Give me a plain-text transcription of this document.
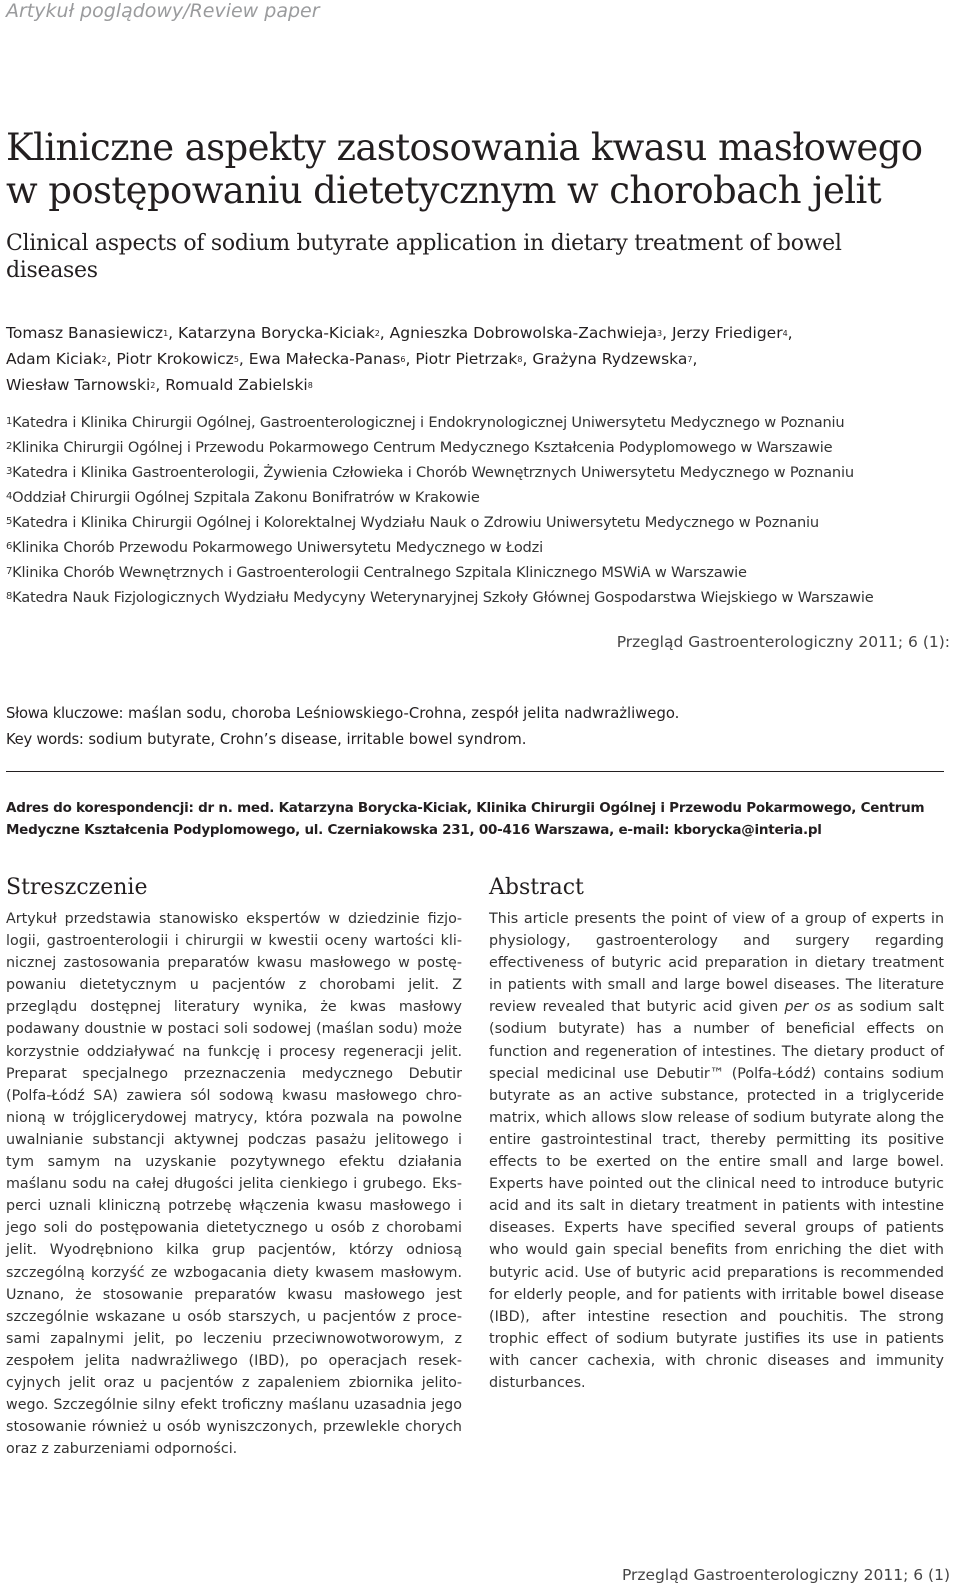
Artykuł poglądowy/Review paper
Kliniczne aspekty zastosowania kwasu masłowego w postępowaniu dietetycznym w chorobach jelit
Clinical aspects of sodium butyrate application in dietary treatment of bowel diseases
Tomasz Banasiewicz$^1$, Katarzyna Borycka-Kiciak$^2$, Agnieszka Dobrowolska-Zachwieja$^3$, Jerzy Friediger$^4$,
Adam Kiciak$^2$, Piotr Krokowicz$^5$, Ewa Małecka-Panas$^6$, Piotr Pietrzak$^8$, Grażyna Rydzewska$^7$,
Wiesław Tarnowski$^2$, Romuald Zabielski$^8$
$^1$Katedra i Klinika Chirurgii Ogólnej, Gastroenterologicznej i Endokrynologicznej Uniwersytetu Medycznego w Poznaniu
$^2$Klinika Chirurgii Ogólnej i Przewodu Pokarmowego Centrum Medycznego Kształcenia Podyplomowego w Warszawie
$^3$Katedra i Klinika Gastroenterologii, Żywienia Człowieka i Chorób Wewnętrznych Uniwersytetu Medycznego w Poznaniu
$^4$Oddział Chirurgii Ogólnej Szpitala Zakonu Bonifratrów w Krakowie
$^5$Katedra i Klinika Chirurgii Ogólnej i Kolorektalnej Wydziału Nauk o Zdrowiu Uniwersytetu Medycznego w Poznaniu
$^6$Klinika Chorób Przewodu Pokarmowego Uniwersytetu Medycznego w Łodzi
$^7$Klinika Chorób Wewnętrznych i Gastroenterologii Centralnego Szpitala Klinicznego MSWiA w Warszawie
$^8$Katedra Nauk Fizjologicznych Wydziału Medycyny Weterynaryjnej Szkoły Głównej Gospodarstwa Wiejskiego w Warszawie
Przegląd Gastroenterologiczny 2011; 6 (1):
Słowa kluczowe: maślan sodu, choroba Leśniowskiego-Crohna, zespół jelita nadwrażliwego.
Key words: sodium butyrate, Crohn’s disease, irritable bowel syndrom.
Adres do korespondencji: dr n. med. Katarzyna Borycka-Kiciak, Klinika Chirurgii Ogólnej i Przewodu Pokarmowego, Centrum Medyczne Kształcenia Podyplomowego, ul. Czerniakowska 231, 00-416 Warszawa, e-mail: kborycka@interia.pl
Streszczenie
Artykuł przedstawia stanowisko ekspertów w dziedzinie fizjologii, gastroenterologii i chirurgii w kwestii oceny wartości klinicznej zastosowania preparatów kwasu masłowego w postępowaniu dietetycznym u pacjentów z chorobami jelit. Z przeglądu dostępnej literatury wynika, że kwas masłowy podawany doustnie w postaci soli sodowej (maślan sodu) może korzystnie oddziaływać na funkcję i procesy regeneracji jelit. Preparat specjalnego przeznaczenia medycznego Debutir (Polfa-Łódź SA) zawiera sól sodową kwasu masłowego chronioną w trójglicerydowej matrycy, która pozwala na powolne uwalnianie substancji aktywnej podczas pasażu jelitowego i tym samym na uzyskanie pozytywnego efektu działania maślanu sodu na całej długości jelita cienkiego i grubego. Eksperci uznali kliniczną potrzebę włączenia kwasu masłowego i jego soli do postępowania dietetycznego u osób z chorobami jelit. Wyodrębniono kilka grup pacjentów, którzy odniosą szczególną korzyść ze wzbogacania diety kwasem masłowym. Uznano, że stosowanie preparatów kwasu masłowego jest szczególnie wskazane u osób starszych, u pacjentów z procesami zapalnymi jelit, po leczeniu przeciwnowotworowym, z zespołem jelita nadwrażliwego (IBD), po operacjach resekcyjnych jelit oraz u pacjentów z zapaleniem zbiornika jelitowego. Szczególnie silny efekt troficzny maślanu uzasadnia jego stosowanie również u osób wyniszczonych, przewlekle chorych oraz z zaburzeniami odporności.
Abstract
This article presents the point of view of a group of experts in physiology, gastroenterology and surgery regarding effectiveness of butyric acid preparation in dietary treatment in patients with small and large bowel diseases. The literature review revealed that butyric acid given per os as sodium salt (sodium butyrate) has a number of beneficial effects on function and regeneration of intestines. The dietary product of special medicinal use Debutir™ (Polfa-Łódź) contains sodium butyrate as an active substance, protected in a triglyceride matrix, which allows slow release of sodium butyrate along the entire gastrointestinal tract, thereby permitting its positive effects to be exerted on the entire small and large bowel. Experts have pointed out the clinical need to introduce butyric acid and its salt in dietary treatment in patients with intestine diseases. Experts have specified several groups of patients who would gain special benefits from enriching the diet with butyric acid. Use of butyric acid preparations is recommended for elderly people, and for patients with irritable bowel disease (IBD), after intestine resection and pouchitis. The strong trophic effect of sodium butyrate justifies its use in patients with cancer cachexia, with chronic diseases and immunity disturbances.
Przegląd Gastroenterologiczny 2011; 6 (1)
